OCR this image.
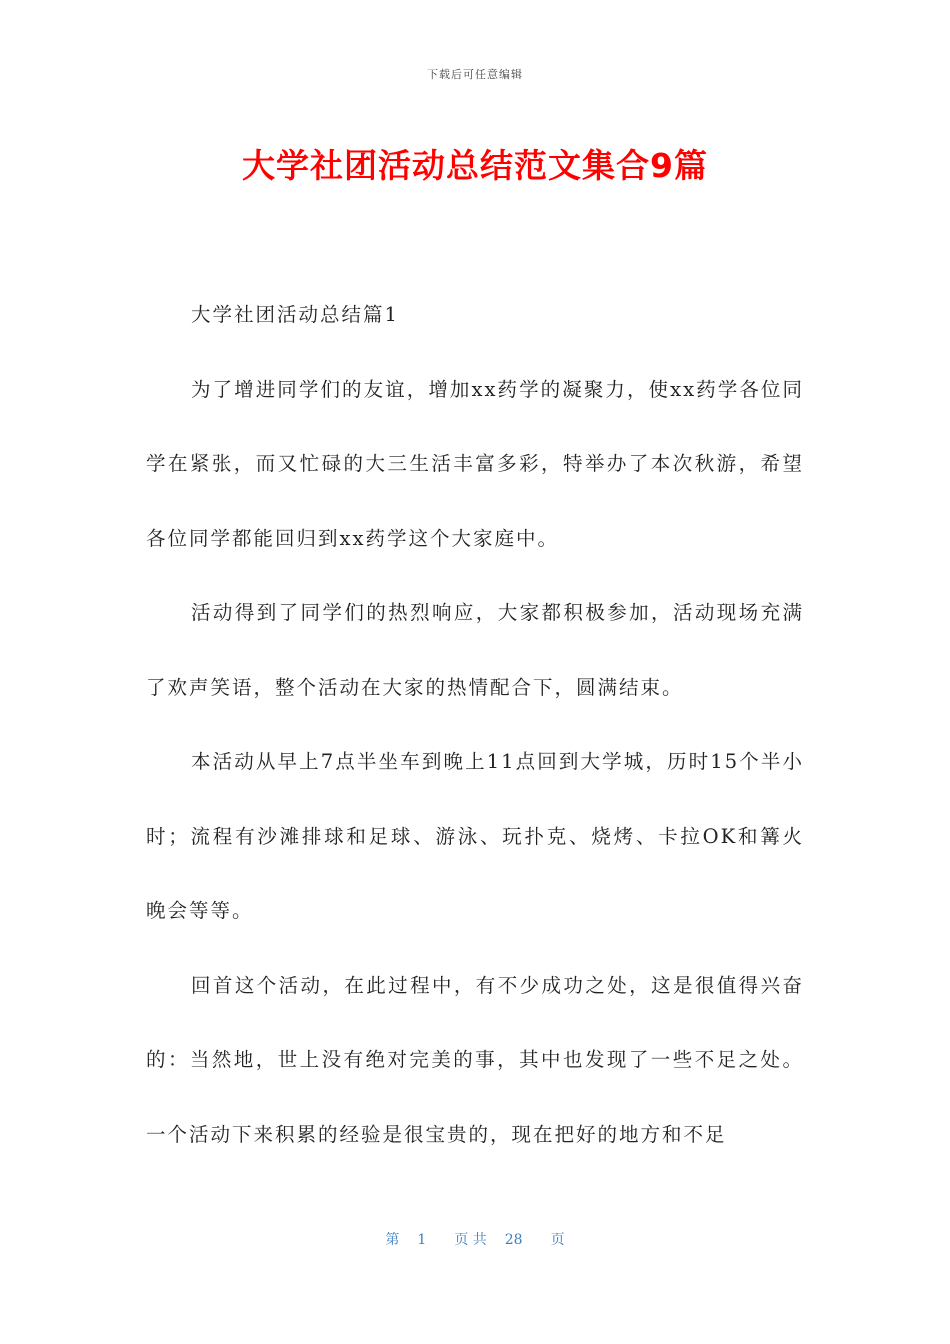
下载后可任意编辑
大学社团活动总结范文集合9篇

大学社团活动总结篇1

为了增进同学们的友谊，增加xx药学的凝聚力，使xx药学各位同学在紧张，而又忙碌的大三生活丰富多彩，特举办了本次秋游，希望各位同学都能回归到xx药学这个大家庭中。

活动得到了同学们的热烈响应，大家都积极参加，活动现场充满了欢声笑语，整个活动在大家的热情配合下，圆满结束。

本活动从早上7点半坐车到晚上11点回到大学城，历时15个半小时；流程有沙滩排球和足球、游泳、玩扑克、烧烤、卡拉OK和篝火晚会等等。

回首这个活动，在此过程中，有不少成功之处，这是很值得兴奋的：当然地，世上没有绝对完美的事，其中也发现了一些不足之处。一个活动下来积累的经验是很宝贵的，现在把好的地方和不足

第 1 页 共 28 页
